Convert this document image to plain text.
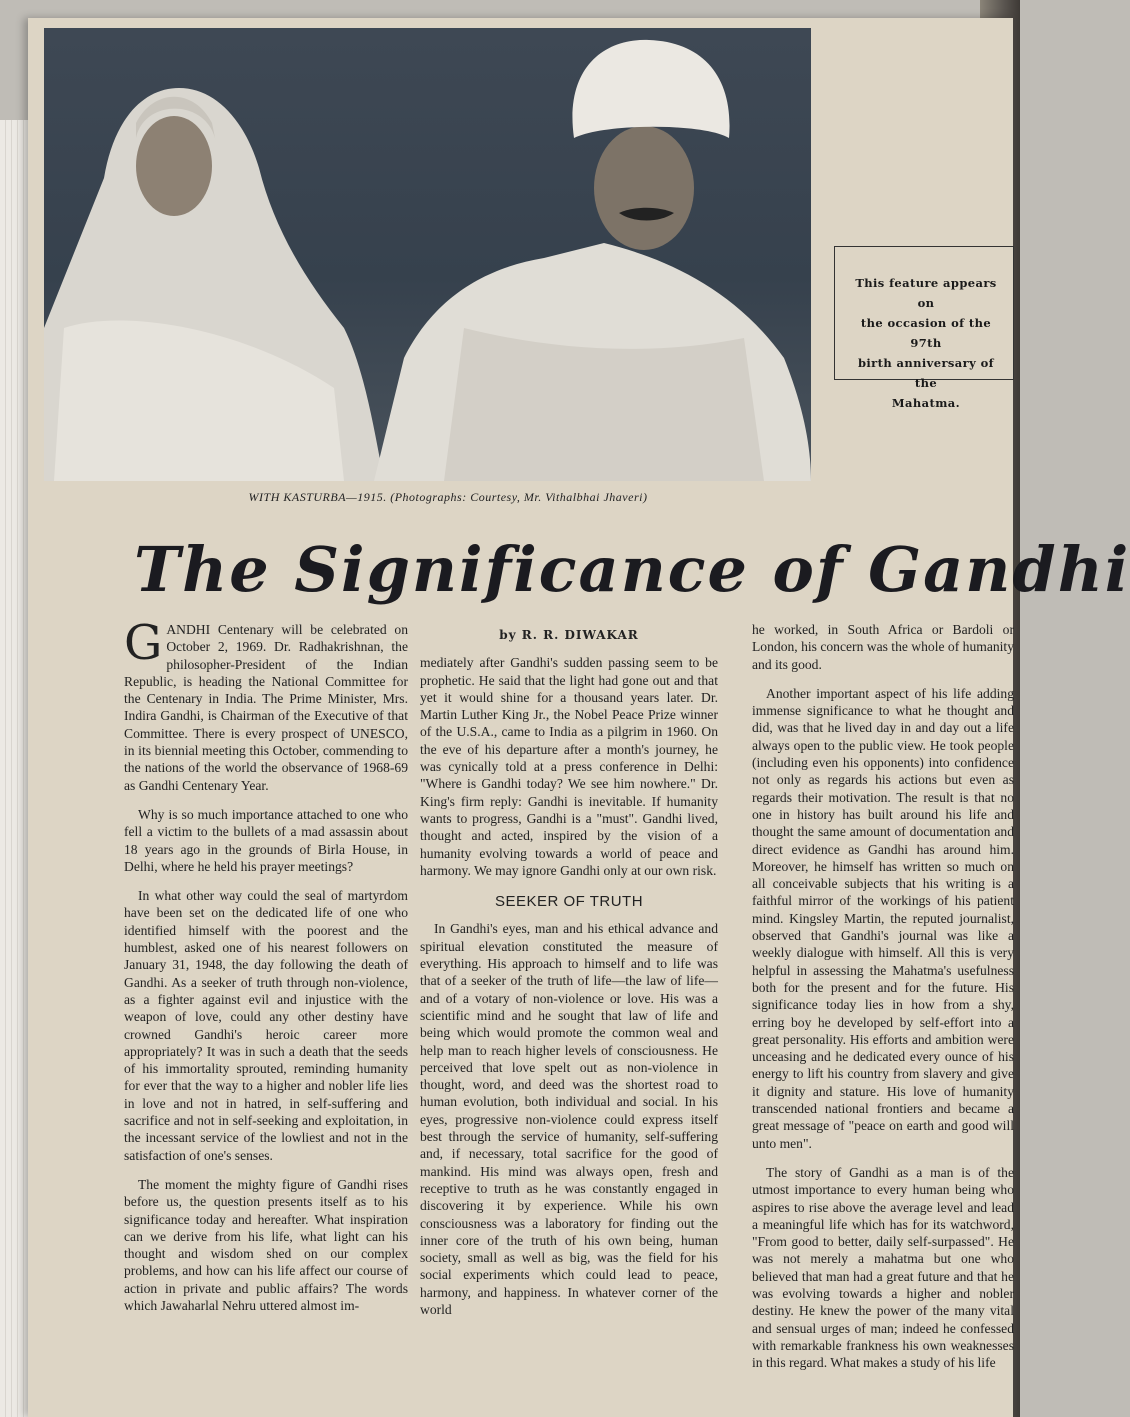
This feature appears on
the occasion of the 97th
birth anniversary of the
Mahatma.
WITH KASTURBA—1915. (Photographs: Courtesy, Mr. Vithalbhai Jhaveri)
The Significance of Gandhi

GANDHI Centenary will be celebrated on October 2, 1969. Dr. Radhakrishnan, the philosopher-President of the Indian Republic, is heading the National Committee for the Centenary in India. The Prime Minister, Mrs. Indira Gandhi, is Chairman of the Executive of that Committee. There is every prospect of UNESCO, in its biennial meeting this October, commending to the nations of the world the observance of 1968-69 as Gandhi Centenary Year.

Why is so much importance attached to one who fell a victim to the bullets of a mad assassin about 18 years ago in the grounds of Birla House, in Delhi, where he held his prayer meetings?

In what other way could the seal of martyrdom have been set on the dedicated life of one who identified himself with the poorest and the humblest, asked one of his nearest followers on January 31, 1948, the day following the death of Gandhi. As a seeker of truth through non-violence, as a fighter against evil and injustice with the weapon of love, could any other destiny have crowned Gandhi's heroic career more appropriately? It was in such a death that the seeds of his immortality sprouted, reminding humanity for ever that the way to a higher and nobler life lies in love and not in hatred, in self-suffering and sacrifice and not in self-seeking and exploitation, in the incessant service of the lowliest and not in the satisfaction of one's senses.

The moment the mighty figure of Gandhi rises before us, the question presents itself as to his significance today and hereafter. What inspiration can we derive from his life, what light can his thought and wisdom shed on our complex problems, and how can his life affect our course of action in private and public affairs? The words which Jawaharlal Nehru uttered almost im-

by R. R. DIWAKAR

mediately after Gandhi's sudden passing seem to be prophetic. He said that the light had gone out and that yet it would shine for a thousand years later. Dr. Martin Luther King Jr., the Nobel Peace Prize winner of the U.S.A., came to India as a pilgrim in 1960. On the eve of his departure after a month's journey, he was cynically told at a press conference in Delhi: "Where is Gandhi today? We see him nowhere." Dr. King's firm reply: Gandhi is inevitable. If humanity wants to progress, Gandhi is a "must". Gandhi lived, thought and acted, inspired by the vision of a humanity evolving towards a world of peace and harmony. We may ignore Gandhi only at our own risk.

SEEKER OF TRUTH

In Gandhi's eyes, man and his ethical advance and spiritual elevation constituted the measure of everything. His approach to himself and to life was that of a seeker of the truth of life—the law of life—and of a votary of non-violence or love. His was a scientific mind and he sought that law of life and being which would promote the common weal and help man to reach higher levels of consciousness. He perceived that love spelt out as non-violence in thought, word, and deed was the shortest road to human evolution, both individual and social. In his eyes, progressive non-violence could express itself best through the service of humanity, self-suffering and, if necessary, total sacrifice for the good of mankind. His mind was always open, fresh and receptive to truth as he was constantly engaged in discovering it by experience. While his own consciousness was a laboratory for finding out the inner core of the truth of his own being, human society, small as well as big, was the field for his social experiments which could lead to peace, harmony, and happiness. In whatever corner of the world

he worked, in South Africa or Bardoli or London, his concern was the whole of humanity and its good.

Another important aspect of his life adding immense significance to what he thought and did, was that he lived day in and day out a life always open to the public view. He took people (including even his opponents) into confidence not only as regards his actions but even as regards their motivation. The result is that no one in history has built around his life and thought the same amount of documentation and direct evidence as Gandhi has around him. Moreover, he himself has written so much on all conceivable subjects that his writing is a faithful mirror of the workings of his patient mind. Kingsley Martin, the reputed journalist, observed that Gandhi's journal was like a weekly dialogue with himself. All this is very helpful in assessing the Mahatma's usefulness both for the present and for the future. His significance today lies in how from a shy, erring boy he developed by self-effort into a great personality. His efforts and ambition were unceasing and he dedicated every ounce of his energy to lift his country from slavery and give it dignity and stature. His love of humanity transcended national frontiers and became a great message of "peace on earth and good will unto men".

The story of Gandhi as a man is of the utmost importance to every human being who aspires to rise above the average level and lead a meaningful life which has for its watchword, "From good to better, daily self-surpassed". He was not merely a mahatma but one who believed that man had a great future and that he was evolving towards a higher and nobler destiny. He knew the power of the many vital and sensual urges of man; indeed he confessed with remarkable frankness his own weaknesses in this regard. What makes a study of his life
